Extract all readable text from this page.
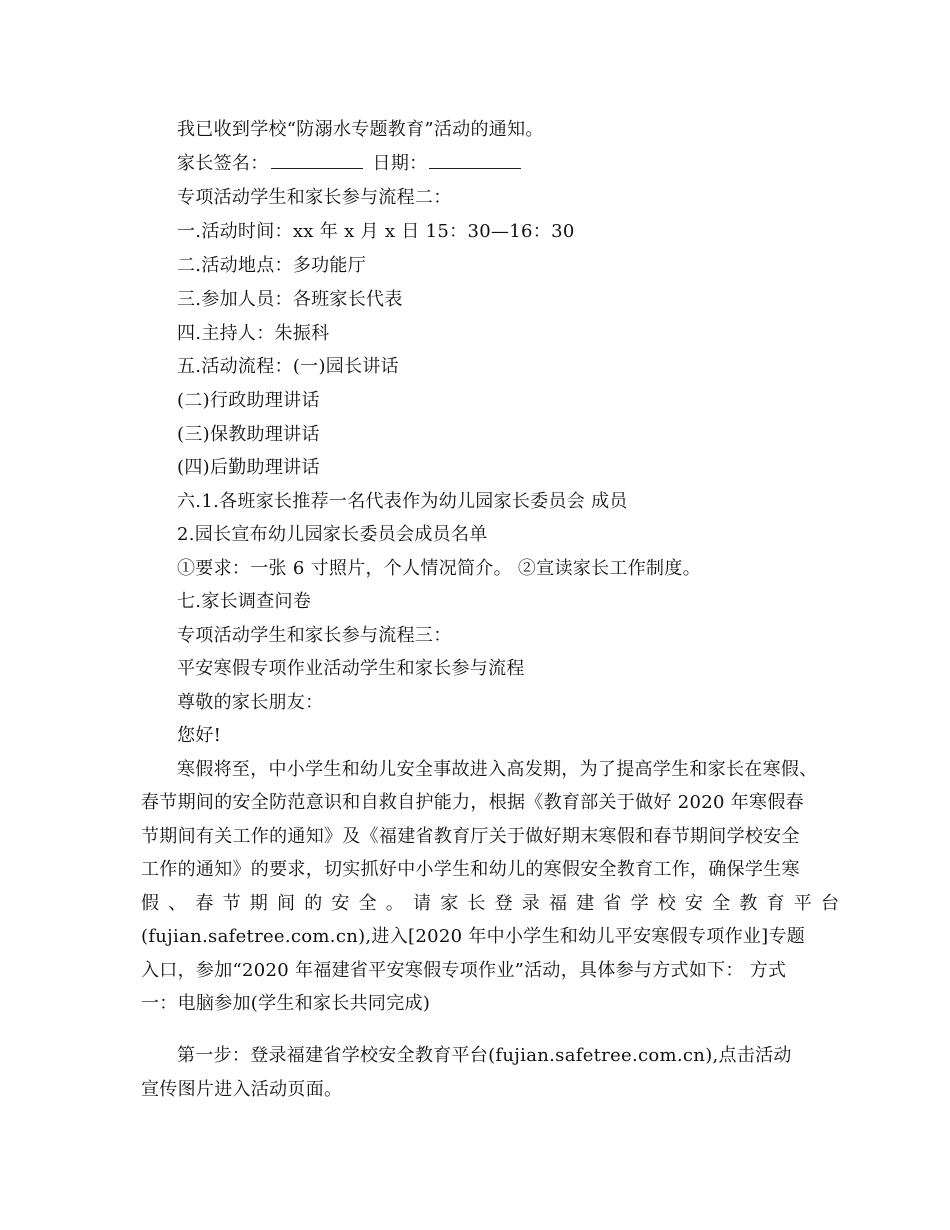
我已收到学校“防溺水专题教育”活动的通知。
家长签名：	日期：
专项活动学生和家长参与流程二：
一.活动时间：xx 年 x 月 x 日 15：30—16：30
二.活动地点：多功能厅
三.参加人员：各班家长代表
四.主持人：朱振科
五.活动流程：(一)园长讲话
(二)行政助理讲话
(三)保教助理讲话
(四)后勤助理讲话
六.1.各班家长推荐一名代表作为幼儿园家长委员会 成员
2.园长宣布幼儿园家长委员会成员名单
①要求：一张 6 寸照片，个人情况简介。 ②宣读家长工作制度。
七.家长调查问卷
专项活动学生和家长参与流程三：
平安寒假专项作业活动学生和家长参与流程
尊敬的家长朋友：
您好!
寒假将至，中小学生和幼儿安全事故进入高发期，为了提高学生和家长在寒假、
春节期间的安全防范意识和自救自护能力，根据《教育部关于做好 2020 年寒假春
节期间有关工作的通知》及《福建省教育厅关于做好期末寒假和春节期间学校安全
工作的通知》的要求，切实抓好中小学生和幼儿的寒假安全教育工作，确保学生寒
假、春节期间的安全。请家长登录福建省学校安全教育平台
(fujian.safetree.com.cn),进入[2020 年中小学生和幼儿平安寒假专项作业]专题
入口，参加“2020 年福建省平安寒假专项作业”活动，具体参与方式如下： 方式
一：电脑参加(学生和家长共同完成)
第一步：登录福建省学校安全教育平台(fujian.safetree.com.cn),点击活动
宣传图片进入活动页面。
